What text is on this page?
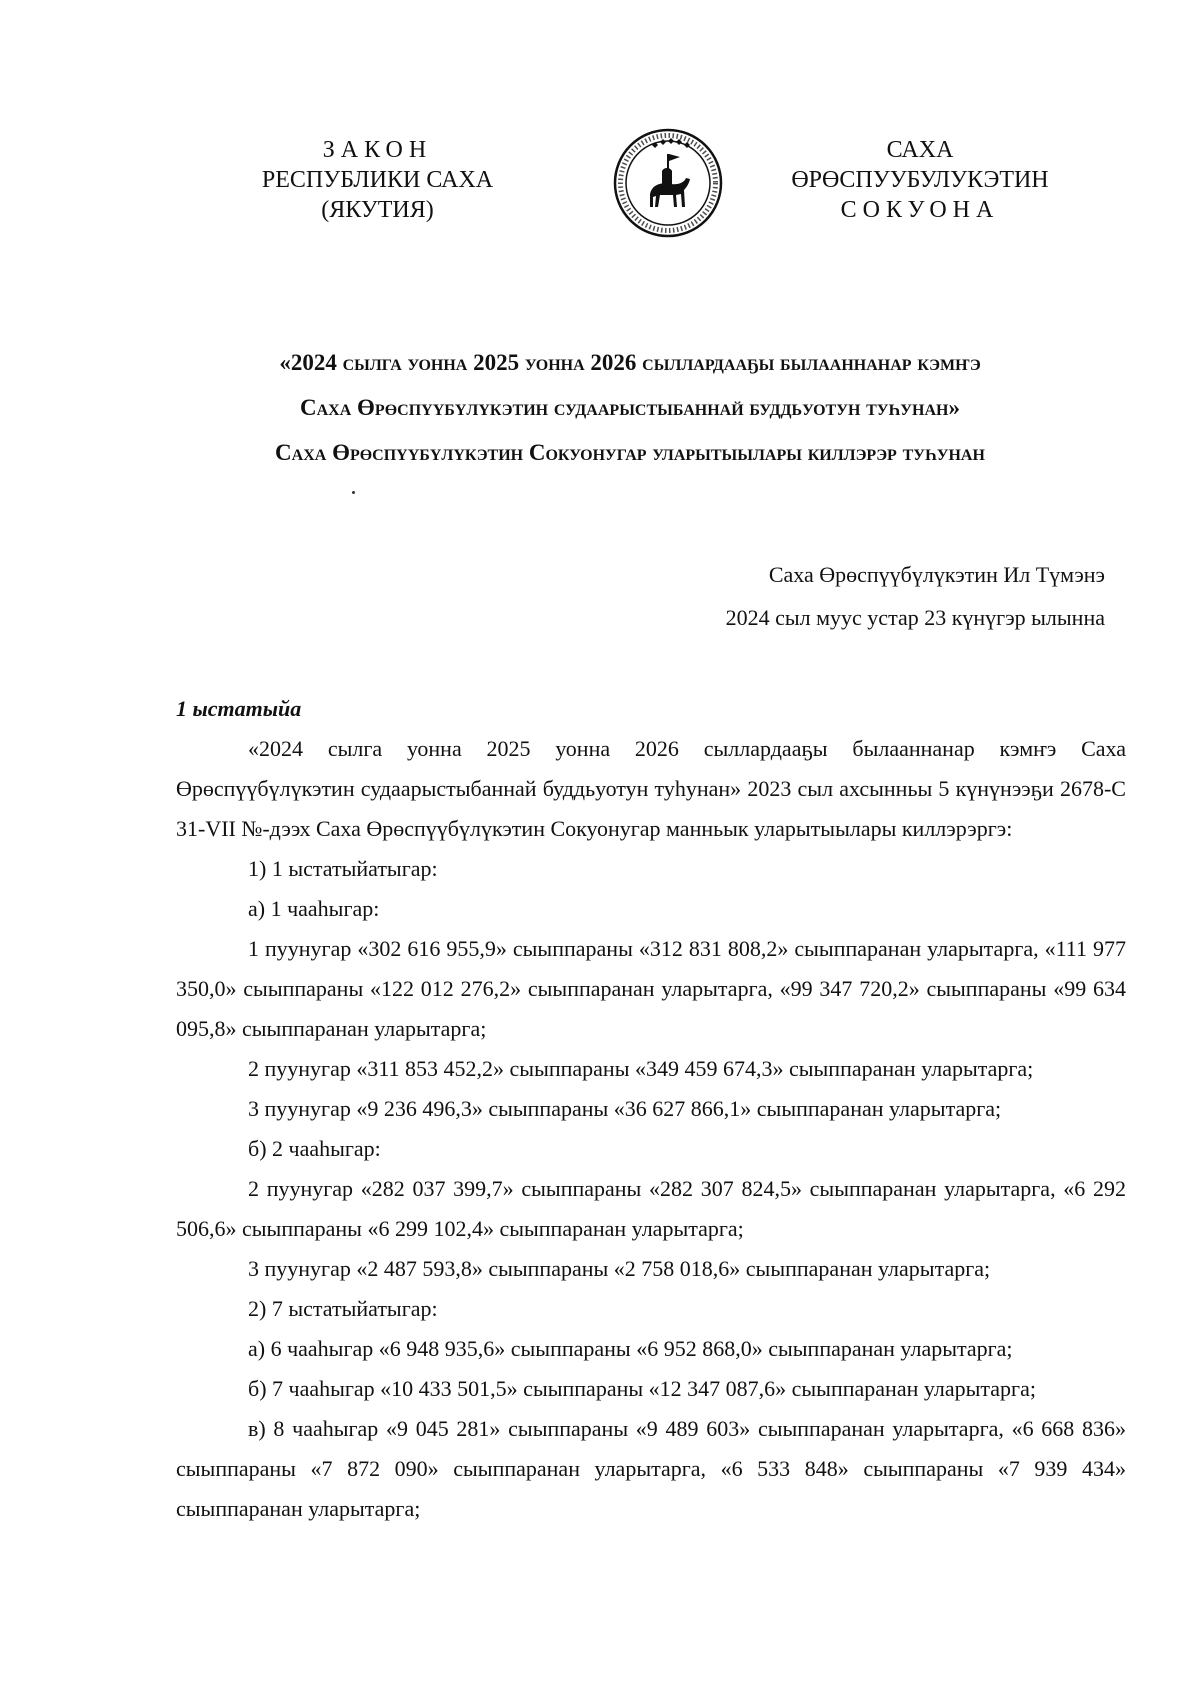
ЗАКОН
РЕСПУБЛИКИ САХА (ЯКУТИЯ)
САХА ӨРӨСПУУБУЛУКЭТИН
СОКУОНА
«2024 сылга уонна 2025 уонна 2026 сыллардааҕы былааннанар кэмҥэ
Саха Өрөспүүбүлүкэтин судаарыстыбаннай буддьуотун туһунан»
Саха Өрөспүүбүлүкэтин Сокуонугар уларытыылары киллэрэр туһунан
Саха Өрөспүүбүлүкэтин Ил Түмэнэ
2024 сыл муус устар 23 күнүгэр ылынна

1 ыстатыйа

«2024 сылга уонна 2025 уонна 2026 сыллардааҕы былааннанар кэмҥэ Саха Өрөспүүбүлүкэтин судаарыстыбаннай буддьуотун туһунан» 2023 сыл ахсынньы 5 күнүнээҕи 2678-С 31-VII №-дээх Саха Өрөспүүбүлүкэтин Сокуонугар манньык уларытыылары киллэрэргэ:

1) 1 ыстатыйатыгар:

а) 1 чааһыгар:

1 пуунугар «302 616 955,9» сыыппараны «312 831 808,2» сыыппаранан уларытарга, «111 977 350,0» сыыппараны «122 012 276,2» сыыппаранан уларытарга, «99 347 720,2» сыыппараны «99 634 095,8» сыыппаранан уларытарга;

2 пуунугар «311 853 452,2» сыыппараны «349 459 674,3» сыыппаранан уларытарга;

3 пуунугар «9 236 496,3» сыыппараны «36 627 866,1» сыыппаранан уларытарга;

б) 2 чааһыгар:

2 пуунугар «282 037 399,7» сыыппараны «282 307 824,5» сыыппаранан уларытарга, «6 292 506,6» сыыппараны «6 299 102,4» сыыппаранан уларытарга;

3 пуунугар «2 487 593,8» сыыппараны «2 758 018,6» сыыппаранан уларытарга;

2) 7 ыстатыйатыгар:

а) 6 чааһыгар «6 948 935,6» сыыппараны «6 952 868,0» сыыппаранан уларытарга;

б) 7 чааһыгар «10 433 501,5» сыыппараны «12 347 087,6» сыыппаранан уларытарга;

в) 8 чааһыгар «9 045 281» сыыппараны «9 489 603» сыыппаранан уларытарга, «6 668 836» сыыппараны «7 872 090» сыыппаранан уларытарга, «6 533 848» сыыппараны «7 939 434» сыыппаранан уларытарга;
